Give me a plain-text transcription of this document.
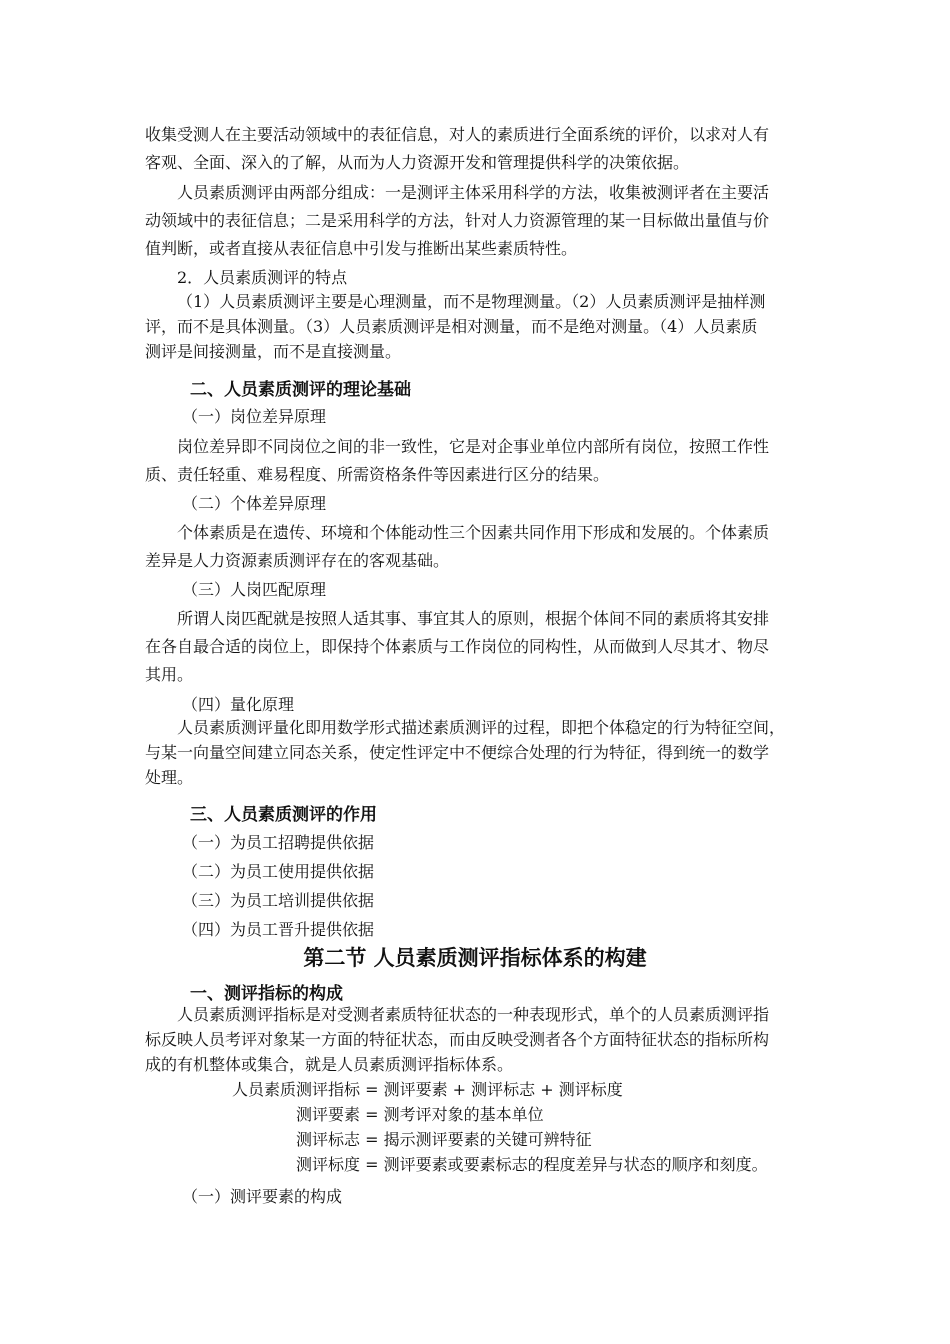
收集受测人在主要活动领域中的表征信息，对人的素质进行全面系统的评价，以求对人有
客观、全面、深入的了解，从而为人力资源开发和管理提供科学的决策依据。
人员素质测评由两部分组成：一是测评主体采用科学的方法，收集被测评者在主要活
动领域中的表征信息；二是采用科学的方法，针对人力资源管理的某一目标做出量值与价
值判断，或者直接从表征信息中引发与推断出某些素质特性。
2．人员素质测评的特点
（1）人员素质测评主要是心理测量，而不是物理测量。（2）人员素质测评是抽样测
评，而不是具体测量。（3）人员素质测评是相对测量，而不是绝对测量。（4）人员素质
测评是间接测量，而不是直接测量。
二、人员素质测评的理论基础
（一）岗位差异原理
岗位差异即不同岗位之间的非一致性，它是对企事业单位内部所有岗位，按照工作性
质、责任轻重、难易程度、所需资格条件等因素进行区分的结果。
（二）个体差异原理
个体素质是在遗传、环境和个体能动性三个因素共同作用下形成和发展的。个体素质
差异是人力资源素质测评存在的客观基础。
（三）人岗匹配原理
所谓人岗匹配就是按照人适其事、事宜其人的原则，根据个体间不同的素质将其安排
在各自最合适的岗位上，即保持个体素质与工作岗位的同构性，从而做到人尽其才、物尽
其用。
（四）量化原理
人员素质测评量化即用数学形式描述素质测评的过程，即把个体稳定的行为特征空间，
与某一向量空间建立同态关系，使定性评定中不便综合处理的行为特征，得到统一的数学
处理。
三、人员素质测评的作用
（一）为员工招聘提供依据
（二）为员工使用提供依据
（三）为员工培训提供依据
（四）为员工晋升提供依据
第二节 人员素质测评指标体系的构建
一、测评指标的构成
人员素质测评指标是对受测者素质特征状态的一种表现形式，单个的人员素质测评指
标反映人员考评对象某一方面的特征状态，而由反映受测者各个方面特征状态的指标所构
成的有机整体或集合，就是人员素质测评指标体系。
人员素质测评指标 = 测评要素 + 测评标志 + 测评标度
测评要素 = 测考评对象的基本单位
测评标志 = 揭示测评要素的关键可辨特征
测评标度 = 测评要素或要素标志的程度差异与状态的顺序和刻度。
（一）测评要素的构成
